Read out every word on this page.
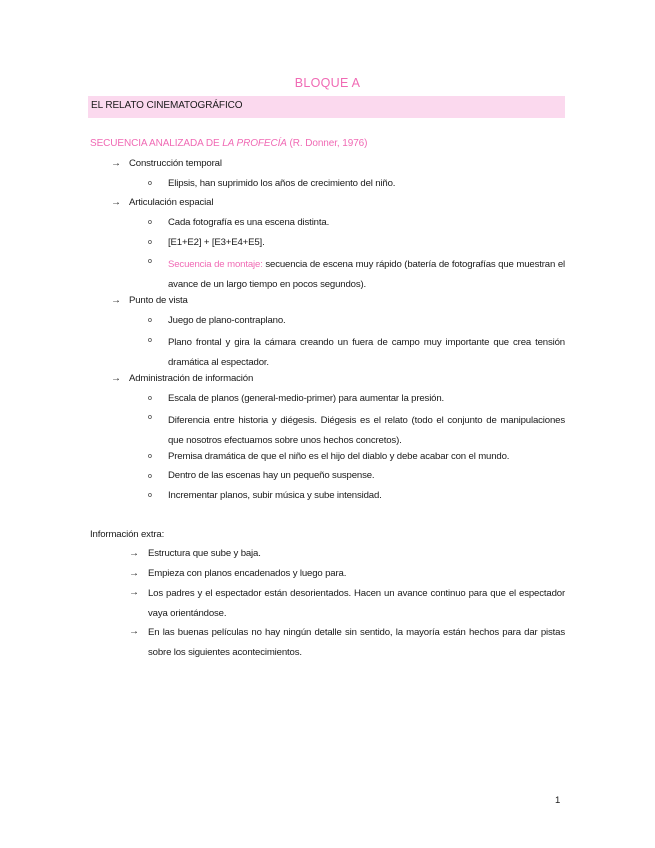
BLOQUE A
EL RELATO CINEMATOGRÁFICO
SECUENCIA ANALIZADA DE LA PROFECÍA (R. Donner, 1976)
→ Construcción temporal
o Elipsis, han suprimido los años de crecimiento del niño.
→ Articulación espacial
o Cada fotografía es una escena distinta.
o [E1+E2] + [E3+E4+E5].
o Secuencia de montaje: secuencia de escena muy rápido (batería de fotografías que muestran el avance de un largo tiempo en pocos segundos).
→ Punto de vista
o Juego de plano-contraplano.
o Plano frontal y gira la cámara creando un fuera de campo muy importante que crea tensión dramática al espectador.
→ Administración de información
o Escala de planos (general-medio-primer) para aumentar la presión.
o Diferencia entre historia y diégesis. Diégesis es el relato (todo el conjunto de manipulaciones que nosotros efectuamos sobre unos hechos concretos).
o Premisa dramática de que el niño es el hijo del diablo y debe acabar con el mundo.
o Dentro de las escenas hay un pequeño suspense.
o Incrementar planos, subir música y sube intensidad.
Información extra:
→ Estructura que sube y baja.
→ Empieza con planos encadenados y luego para.
→ Los padres y el espectador están desorientados. Hacen un avance continuo para que el espectador vaya orientándose.
→ En las buenas películas no hay ningún detalle sin sentido, la mayoría están hechos para dar pistas sobre los siguientes acontecimientos.
1
